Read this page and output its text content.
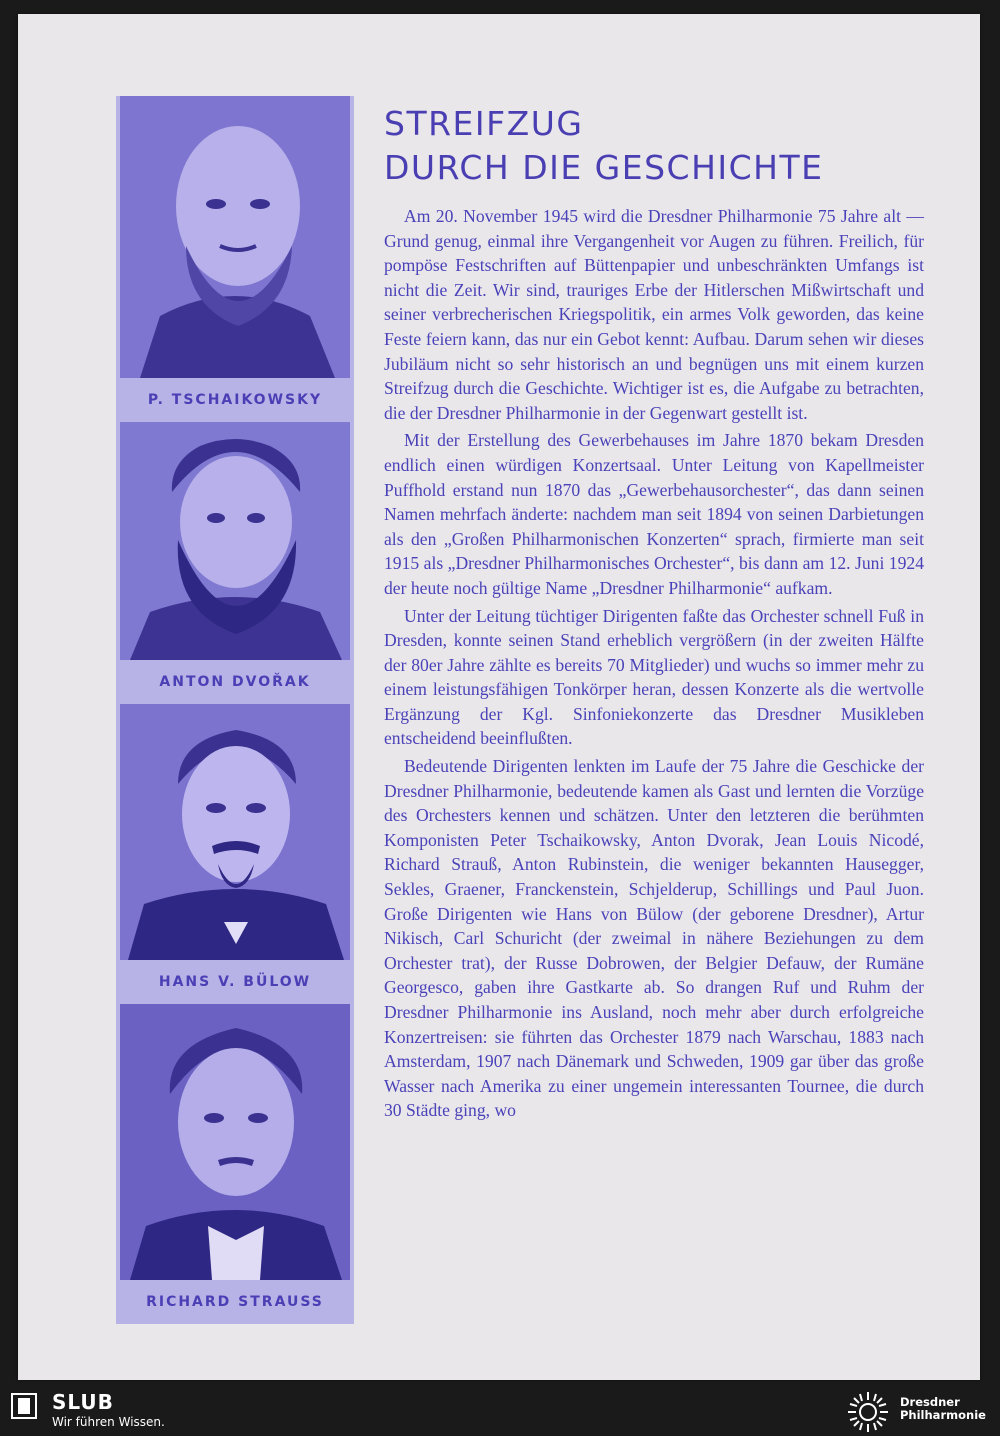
P. TSCHAIKOWSKY
ANTON DVOŘAK
HANS V. BÜLOW
RICHARD STRAUSS
STREIFZUG
DURCH DIE GESCHICHTE

Am 20. November 1945 wird die Dresdner Philharmonie 75 Jahre alt — Grund genug, einmal ihre Vergangenheit vor Augen zu führen. Freilich, für pompöse Festschriften auf Büttenpapier und unbeschränkten Umfangs ist nicht die Zeit. Wir sind, trauriges Erbe der Hitlerschen Mißwirtschaft und seiner verbrecherischen Kriegspolitik, ein armes Volk geworden, das keine Feste feiern kann, das nur ein Gebot kennt: Aufbau. Darum sehen wir dieses Jubiläum nicht so sehr historisch an und begnügen uns mit einem kurzen Streifzug durch die Geschichte. Wichtiger ist es, die Aufgabe zu betrachten, die der Dresdner Philharmonie in der Gegenwart gestellt ist.

Mit der Erstellung des Gewerbehauses im Jahre 1870 bekam Dresden endlich einen würdigen Konzertsaal. Unter Leitung von Kapellmeister Puffhold erstand nun 1870 das „Gewerbehausorchester“, das dann seinen Namen mehrfach änderte: nachdem man seit 1894 von seinen Darbietungen als den „Großen Philharmonischen Konzerten“ sprach, firmierte man seit 1915 als „Dresdner Philharmonisches Orchester“, bis dann am 12. Juni 1924 der heute noch gültige Name „Dresdner Philharmonie“ aufkam.

Unter der Leitung tüchtiger Dirigenten faßte das Orchester schnell Fuß in Dresden, konnte seinen Stand erheblich vergrößern (in der zweiten Hälfte der 80er Jahre zählte es bereits 70 Mitglieder) und wuchs so immer mehr zu einem leistungsfähigen Tonkörper heran, dessen Konzerte als die wertvolle Ergänzung der Kgl. Sinfoniekonzerte das Dresdner Musikleben entscheidend beeinflußten.

Bedeutende Dirigenten lenkten im Laufe der 75 Jahre die Geschicke der Dresdner Philharmonie, bedeutende kamen als Gast und lernten die Vorzüge des Orchesters kennen und schätzen. Unter den letzteren die berühmten Komponisten Peter Tschaikowsky, Anton Dvorak, Jean Louis Nicodé, Richard Strauß, Anton Rubinstein, die weniger bekannten Hausegger, Sekles, Graener, Franckenstein, Schjelderup, Schillings und Paul Juon. Große Dirigenten wie Hans von Bülow (der geborene Dresdner), Artur Nikisch, Carl Schuricht (der zweimal in nähere Beziehungen zu dem Orchester trat), der Russe Dobrowen, der Belgier Defauw, der Rumäne Georgesco, gaben ihre Gastkarte ab. So drangen Ruf und Ruhm der Dresdner Philharmonie ins Ausland, noch mehr aber durch erfolgreiche Konzertreisen: sie führten das Orchester 1879 nach Warschau, 1883 nach Amsterdam, 1907 nach Dänemark und Schweden, 1909 gar über das große Wasser nach Amerika zu einer ungemein interessanten Tournee, die durch 30 Städte ging, wo

SLUB
Wir führen Wissen.
Dresdner
Philharmonie
